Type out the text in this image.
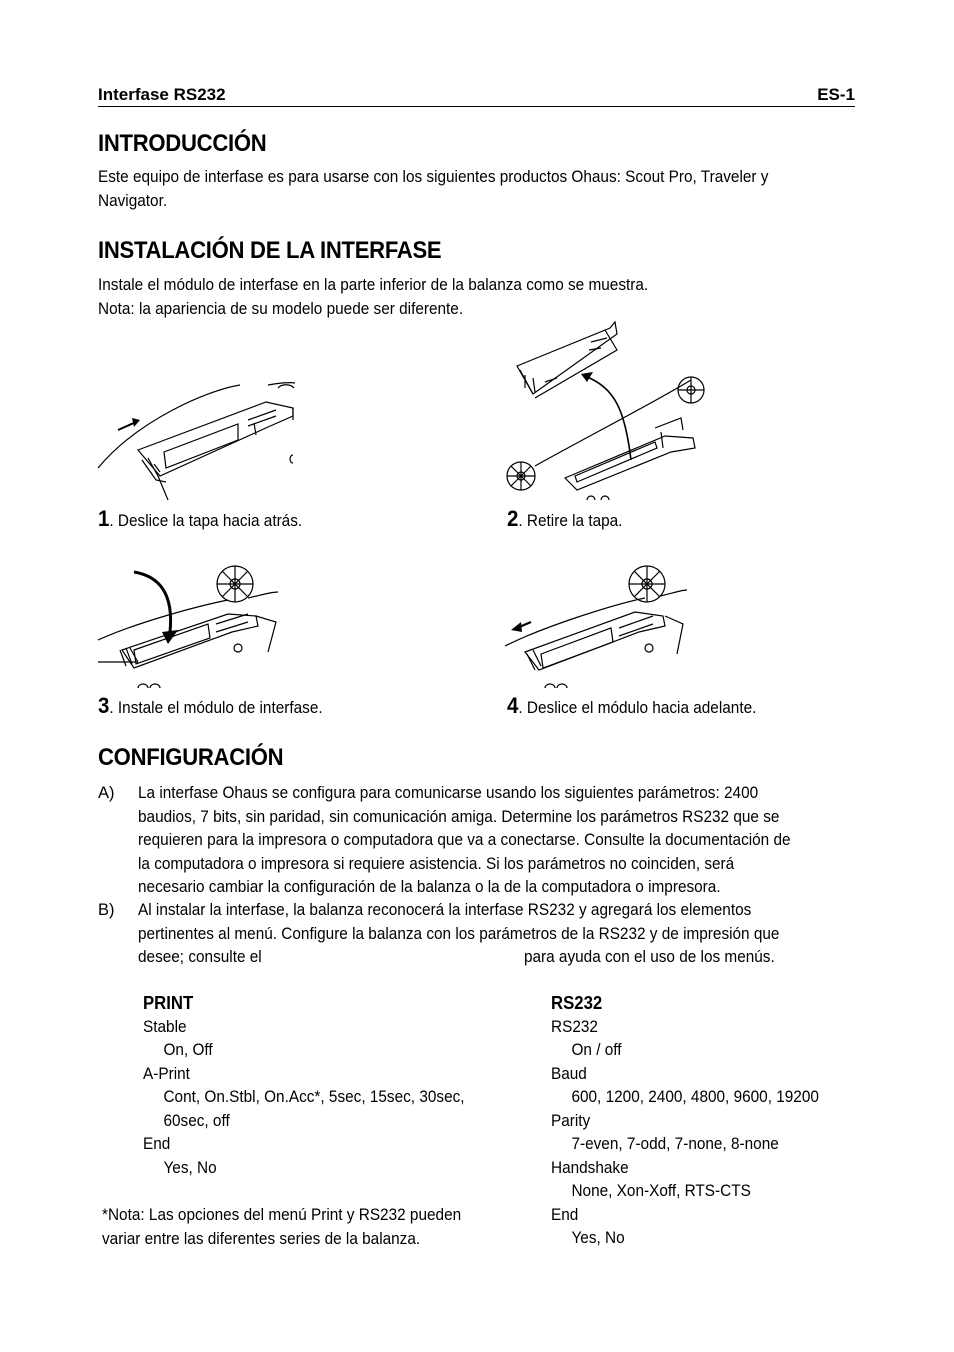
Interfase RS232	ES-1
INTRODUCCIÓN
Este equipo de interfase es para usarse con los siguientes productos Ohaus: Scout Pro, Traveler y
Navigator.
INSTALACIÓN DE LA INTERFASE
Instale el módulo de interfase en la parte inferior de la balanza como se muestra.
Nota: la apariencia de su modelo puede ser diferente.
1. Deslice la tapa hacia atrás.	2. Retire la tapa.
3. Instale el módulo de interfase.	4. Deslice el módulo hacia adelante.
CONFIGURACIÓN
A) La interfase Ohaus se configura para comunicarse usando los siguientes parámetros: 2400
baudios, 7 bits, sin paridad, sin comunicación amiga. Determine los parámetros RS232 que se
requieren para la impresora o computadora que va a conectarse. Consulte la documentación de
la computadora o impresora si requiere asistencia. Si los parámetros no coinciden, será
necesario cambiar la configuración de la balanza o la de la computadora o impresora.
B) Al instalar la interfase, la balanza reconocerá la interfase RS232 y agregará los elementos
pertinentes al menú. Configure la balanza con los parámetros de la RS232 y de impresión que
desee; consulte el	para ayuda con el uso de los menús.
PRINT
Stable
On, Off
A-Print
Cont, On.Stbl, On.Acc*, 5sec, 15sec, 30sec,
60sec, off
End
Yes, No
RS232
RS232
On / off
Baud
600, 1200, 2400, 4800, 9600, 19200
Parity
7-even, 7-odd, 7-none, 8-none
Handshake
None, Xon-Xoff, RTS-CTS
End
Yes, No
*Nota: Las opciones del menú Print y RS232 pueden
variar entre las diferentes series de la balanza.
